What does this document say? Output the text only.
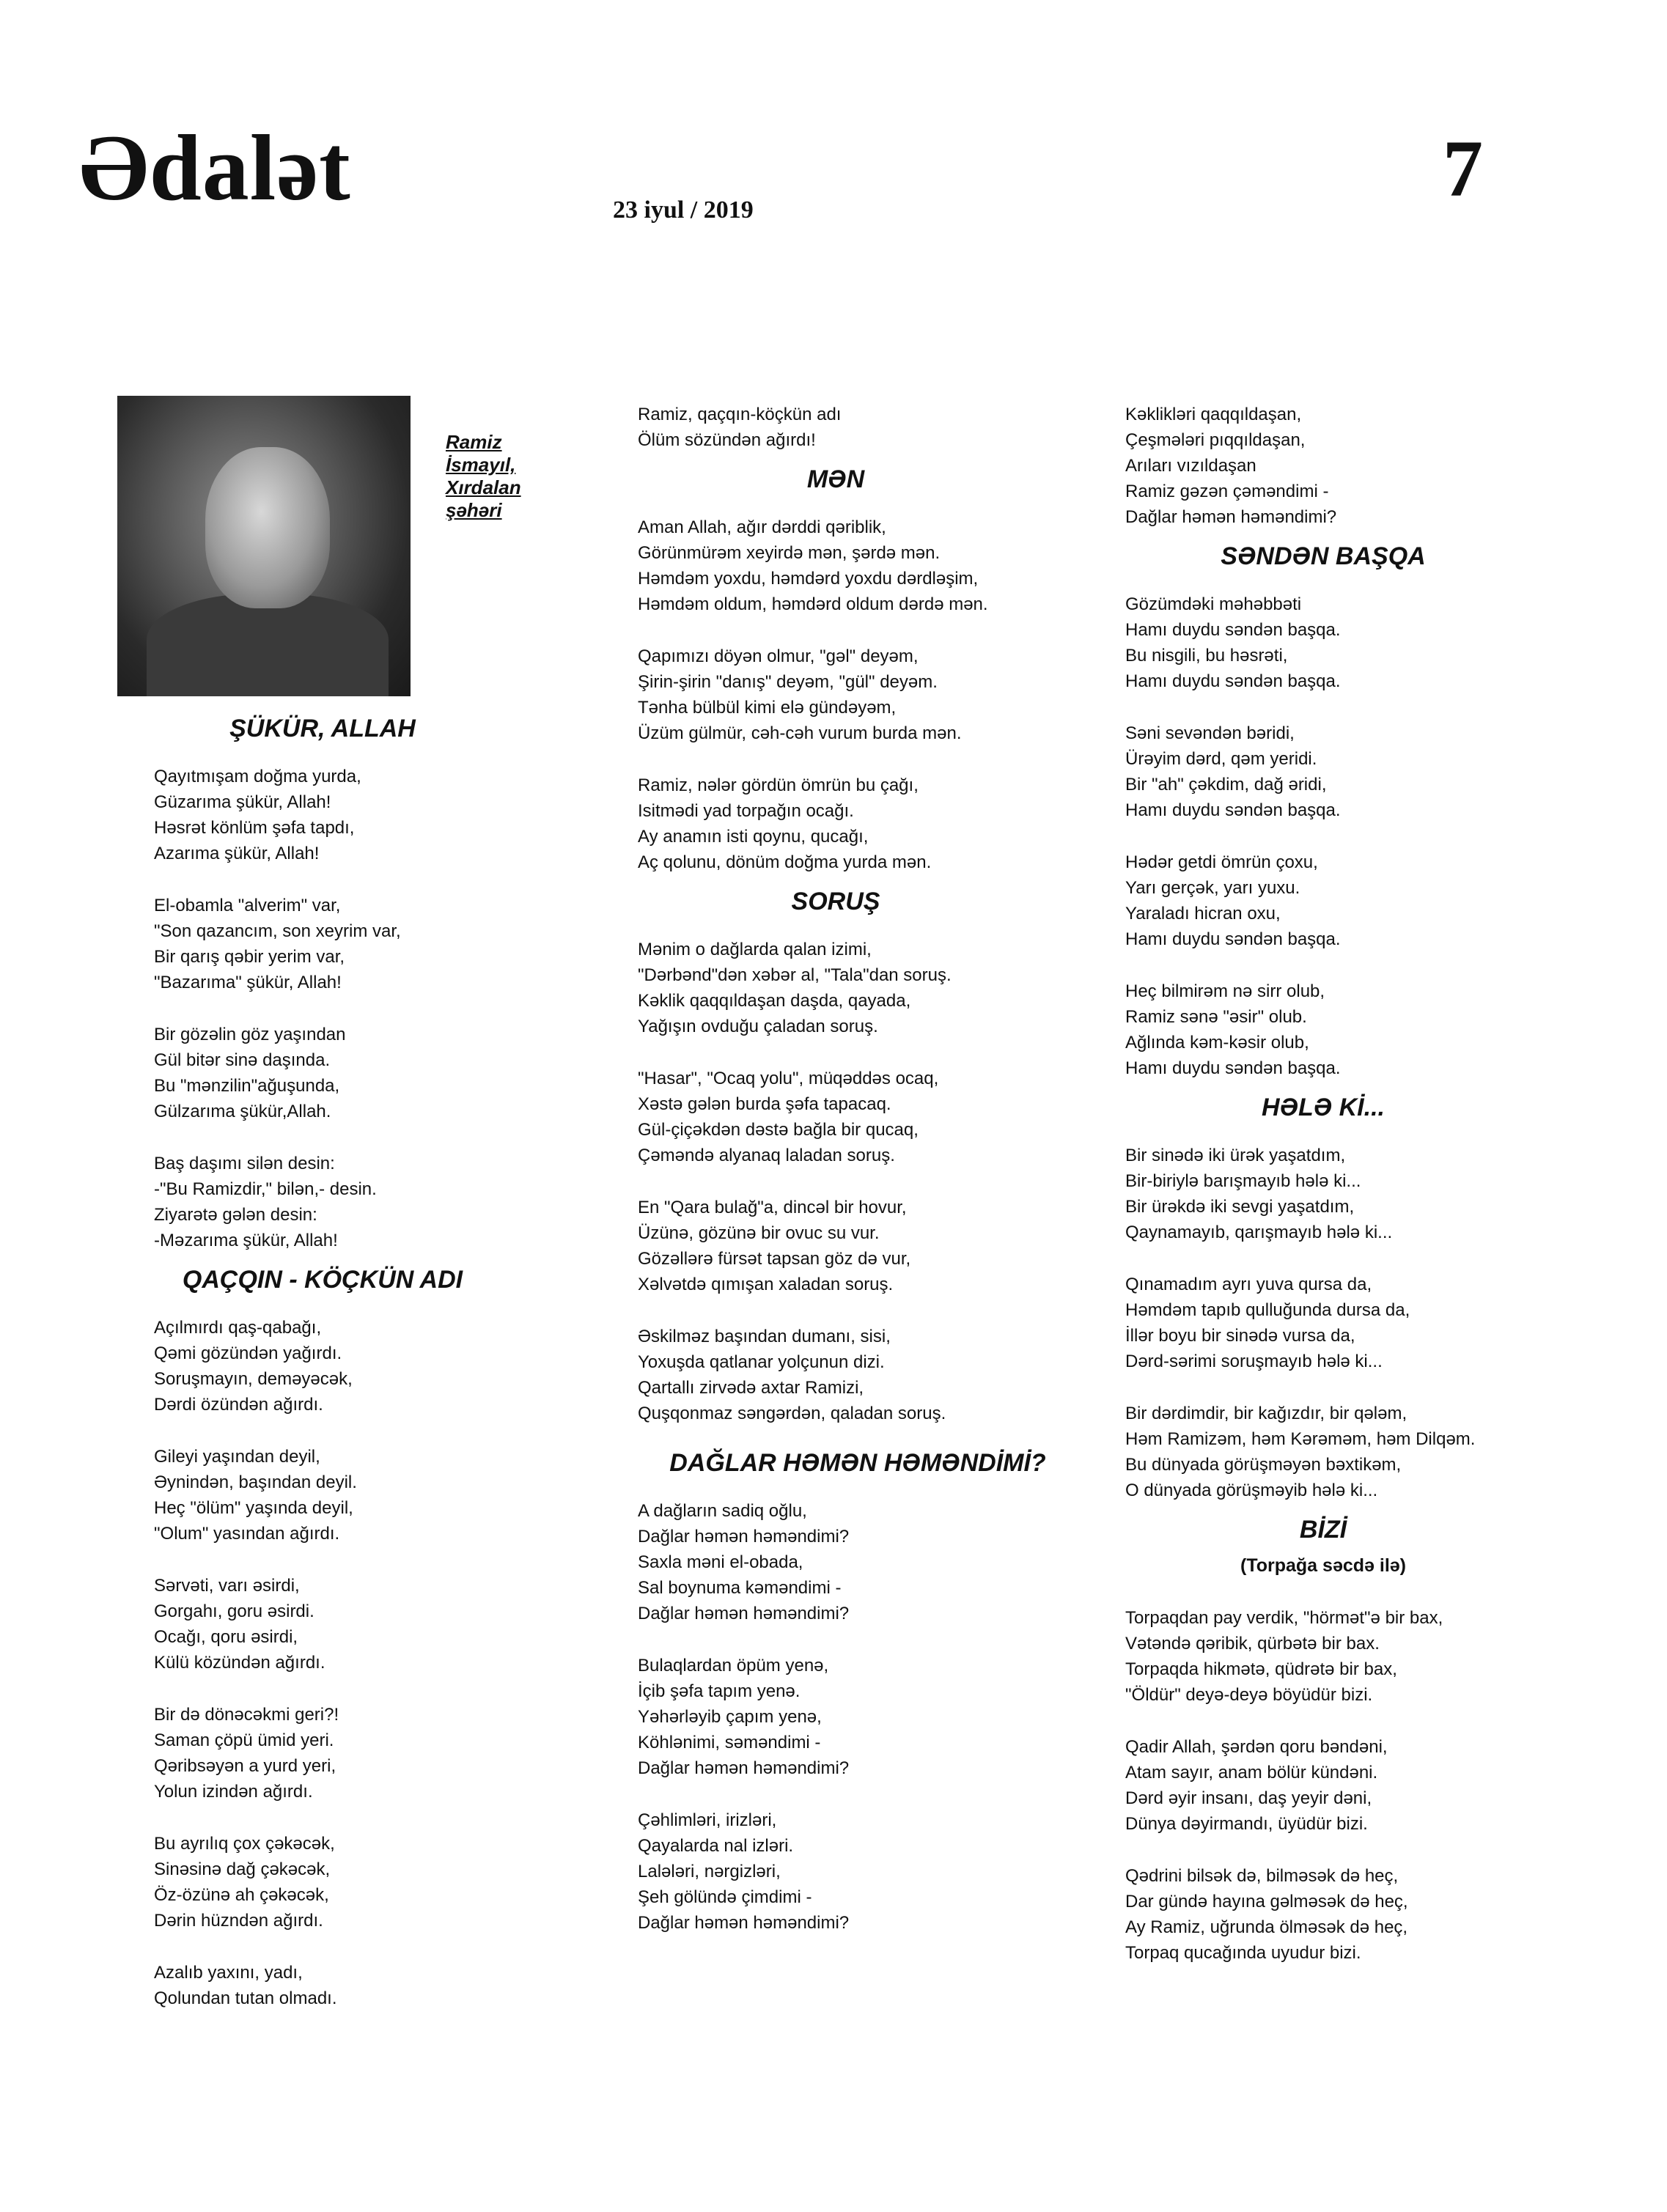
Ədalət	23 iyul / 2019	7
Ramiz
İsmayıl,
Xırdalan
şəhəri
ŞÜKÜR, ALLAH
Qayıtmışam doğma yurda,
Güzarıma şükür, Allah!
Həsrət könlüm şəfa tapdı,
Azarıma şükür, Allah!
El-obamla "alverim" var,
"Son qazancım, son xeyrim var,
Bir qarış qəbir yerim var,
"Bazarıma" şükür, Allah!
Bir gözəlin göz yaşından
Gül bitər sinə daşında.
Bu "mənzilin"ağuşunda,
Gülzarıma şükür,Allah.
Baş daşımı silən desin:
-"Bu Ramizdir," bilən,- desin.
Ziyarətə gələn desin:
-Məzarıma şükür, Allah!
QAÇQIN - KÖÇKÜN ADI
Açılmırdı qaş-qabağı,
Qəmi gözündən yağırdı.
Soruşmayın, deməyəcək,
Dərdi özündən ağırdı.
Gileyi yaşından deyil,
Əynindən, başından deyil.
Heç "ölüm" yaşında deyil,
"Olum" yasından ağırdı.
Sərvəti, varı əsirdi,
Gorgahı, goru əsirdi.
Ocağı, qoru əsirdi,
Külü közündən ağırdı.
Bir də dönəcəkmi geri?!
Saman çöpü ümid yeri.
Qəribsəyən a yurd yeri,
Yolun izindən ağırdı.
Bu ayrılıq çox çəkəcək,
Sinəsinə dağ çəkəcək,
Öz-özünə ah çəkəcək,
Dərin hüzndən ağırdı.
Azalıb yaxını, yadı,
Qolundan tutan olmadı.
Ramiz, qaçqın-köçkün adı
Ölüm sözündən ağırdı!
MƏN
Aman Allah, ağır dərddi qəriblik,
Görünmürəm xeyirdə mən, şərdə mən.
Həmdəm yoxdu, həmdərd yoxdu dərdləşim,
Həmdəm oldum, həmdərd oldum dərdə mən.
Qapımızı döyən olmur, "gəl" deyəm,
Şirin-şirin "danış" deyəm, "gül" deyəm.
Tənha bülbül kimi elə gündəyəm,
Üzüm gülmür, cəh-cəh vurum burda mən.
Ramiz, nələr gördün ömrün bu çağı,
Isitmədi yad torpağın ocağı.
Ay anamın isti qoynu, qucağı,
Aç qolunu, dönüm doğma yurda mən.
SORUŞ
Mənim o dağlarda qalan izimi,
"Dərbənd"dən xəbər al, "Tala"dan soruş.
Kəklik qaqqıldaşan daşda, qayada,
Yağışın ovduğu çaladan soruş.
"Hasar", "Ocaq yolu", müqəddəs ocaq,
Xəstə gələn burda şəfa tapacaq.
Gül-çiçəkdən dəstə bağla bir qucaq,
Çəməndə alyanaq laladan soruş.
En "Qara bulağ"a, dincəl bir hovur,
Üzünə, gözünə bir ovuc su vur.
Gözəllərə fürsət tapsan göz də vur,
Xəlvətdə qımışan xaladan soruş.
Əskilməz başından dumanı, sisi,
Yoxuşda qatlanar yolçunun dizi.
Qartallı zirvədə axtar Ramizi,
Quşqonmaz səngərdən, qaladan soruş.
DAĞLAR HƏMƏN HƏMƏNDİMİ?
A dağların sadiq oğlu,
Dağlar həmən həməndimi?
Saxla məni el-obada,
Sal boynuma kəməndimi -
Dağlar həmən həməndimi?
Bulaqlardan öpüm yenə,
İçib şəfa tapım yenə.
Yəhərləyib çapım yenə,
Köhlənimi, səməndimi -
Dağlar həmən həməndimi?
Çəhlimləri, irizləri,
Qayalarda nal izləri.
Lalələri, nərgizləri,
Şeh gölündə çimdimi -
Dağlar həmən həməndimi?
Kəklikləri qaqqıldaşan,
Çeşmələri pıqqıldaşan,
Arıları vızıldaşan
Ramiz gəzən çəməndimi -
Dağlar həmən həməndimi?
SƏNDƏN BAŞQA
Gözümdəki məhəbbəti
Hamı duydu səndən başqa.
Bu nisgili, bu həsrəti,
Hamı duydu səndən başqa.
Səni sevəndən bəridi,
Ürəyim dərd, qəm yeridi.
Bir "ah" çəkdim, dağ əridi,
Hamı duydu səndən başqa.
Hədər getdi ömrün çoxu,
Yarı gerçək, yarı yuxu.
Yaraladı hicran oxu,
Hamı duydu səndən başqa.
Heç bilmirəm nə sirr olub,
Ramiz sənə "əsir" olub.
Ağlında kəm-kəsir olub,
Hamı duydu səndən başqa.
HƏLƏ Kİ...
Bir sinədə iki ürək yaşatdım,
Bir-biriylə barışmayıb hələ ki...
Bir ürəkdə iki sevgi yaşatdım,
Qaynamayıb, qarışmayıb hələ ki...
Qınamadım ayrı yuva qursa da,
Həmdəm tapıb qulluğunda dursa da,
İllər boyu bir sinədə vursa da,
Dərd-sərimi soruşmayıb hələ ki...
Bir dərdimdir, bir kağızdır, bir qələm,
Həm Ramizəm, həm Kərəməm, həm Dilqəm.
Bu dünyada görüşməyən bəxtikəm,
O dünyada görüşməyib hələ ki...
BİZİ
(Torpağa səcdə ilə)
Torpaqdan pay verdik, "hörmət"ə bir bax,
Vətəndə qəribik, qürbətə bir bax.
Torpaqda hikmətə, qüdrətə bir bax,
"Öldür" deyə-deyə böyüdür bizi.
Qadir Allah, şərdən qoru bəndəni,
Atam sayır, anam bölür kündəni.
Dərd əyir insanı, daş yeyir dəni,
Dünya dəyirmandı, üyüdür bizi.
Qədrini bilsək də, bilməsək də heç,
Dar gündə hayına gəlməsək də heç,
Ay Ramiz, uğrunda ölməsək də heç,
Torpaq qucağında uyudur bizi.
